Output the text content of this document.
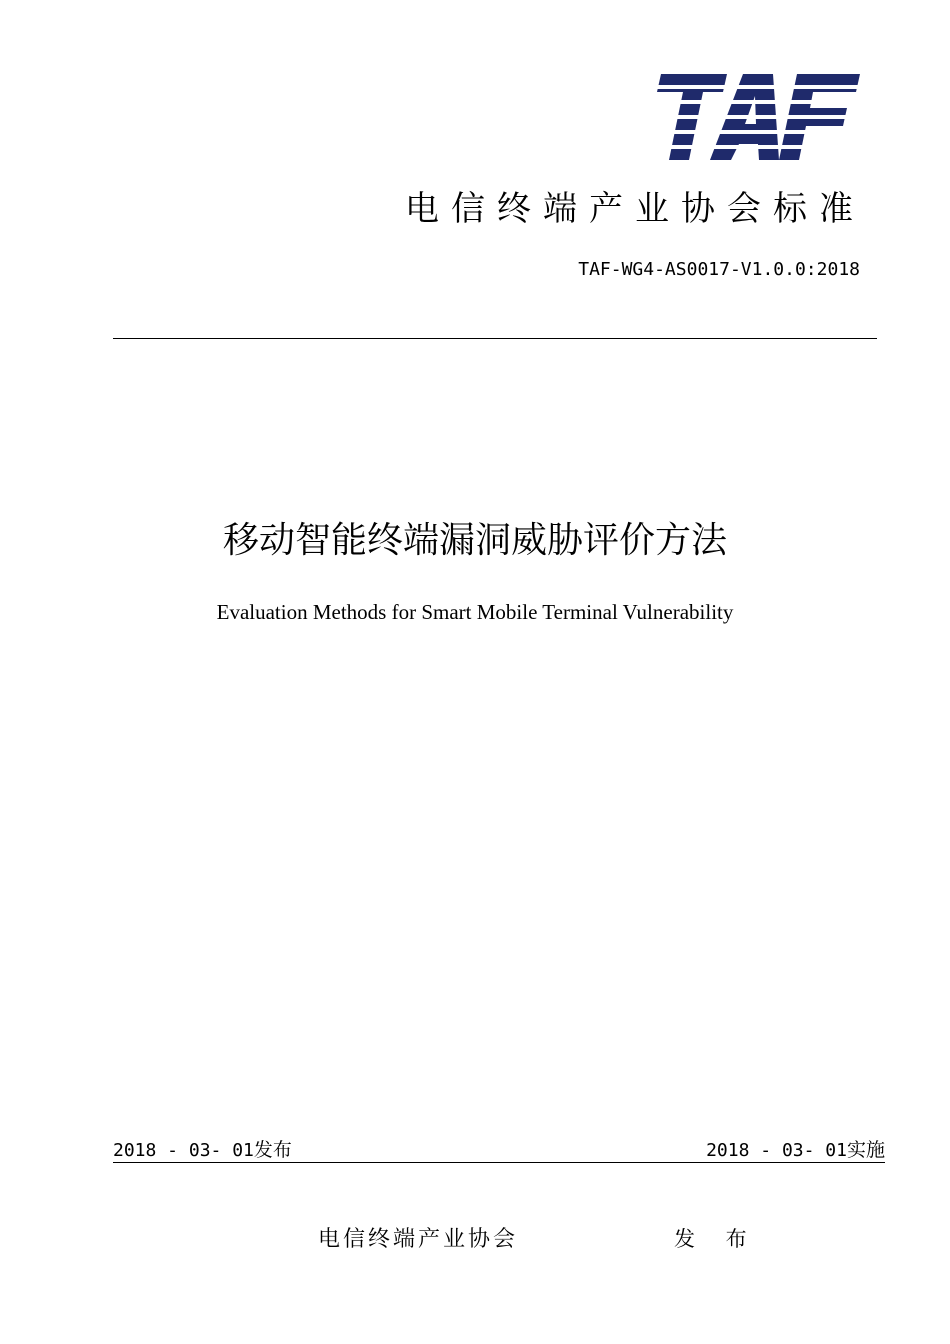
TAF
电信终端产业协会标准
TAF-WG4-AS0017-V1.0.0:2018
移动智能终端漏洞威胁评价方法
Evaluation Methods for Smart Mobile Terminal Vulnerability
2018 - 03- 01发布	2018 - 03- 01实施
电信终端产业协会	发 布
